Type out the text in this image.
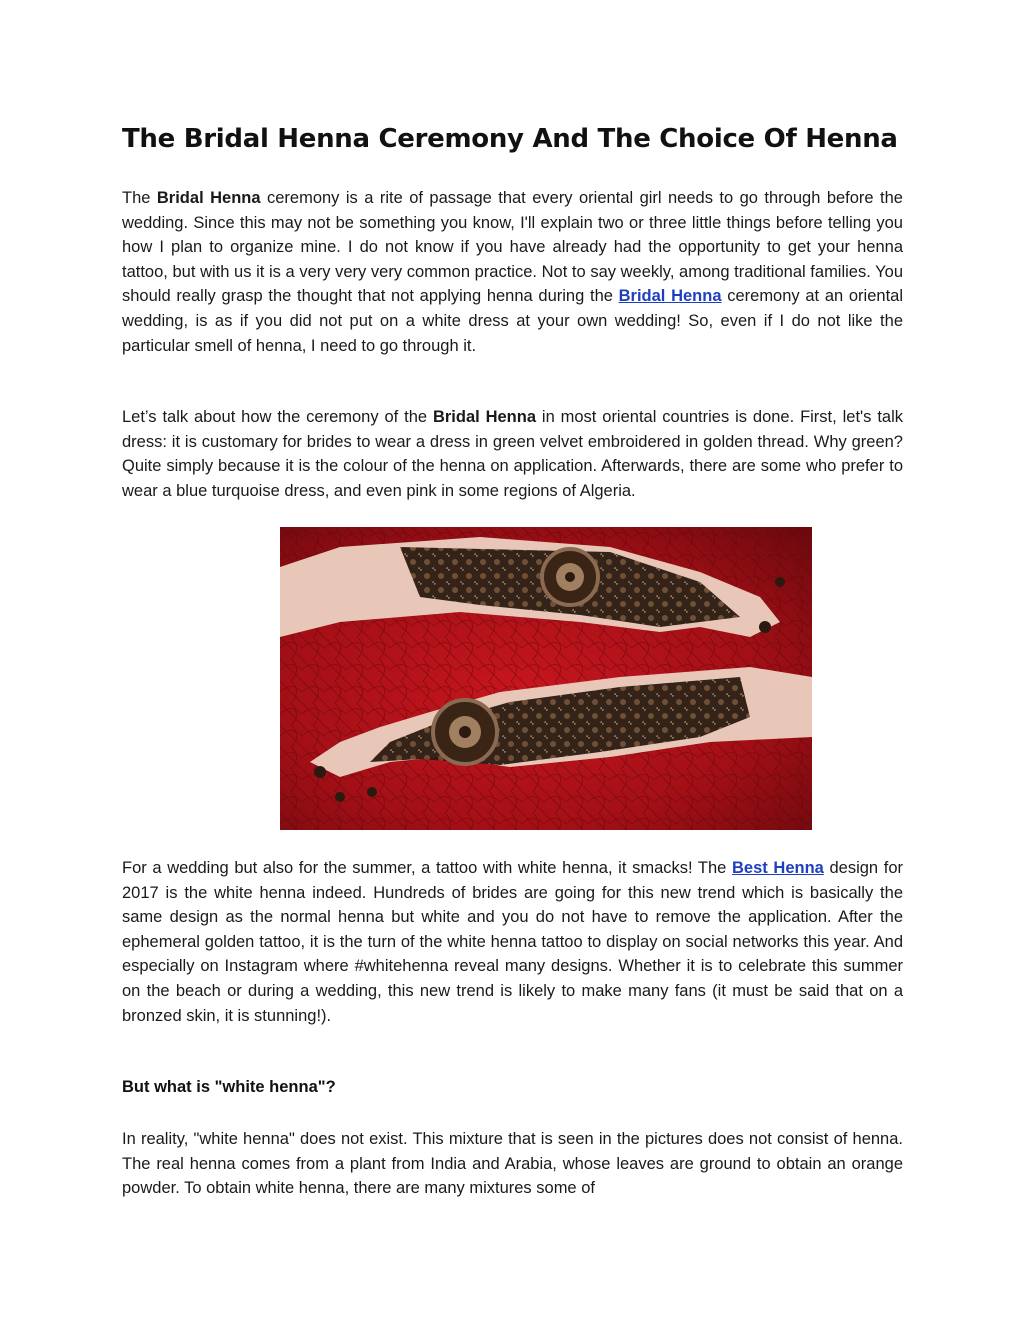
The Bridal Henna Ceremony And The Choice Of Henna

The Bridal Henna ceremony is a rite of passage that every oriental girl needs to go through before the wedding. Since this may not be something you know, I'll explain two or three little things before telling you how I plan to organize mine. I do not know if you have already had the opportunity to get your henna tattoo, but with us it is a very very very common practice. Not to say weekly, among traditional families. You should really grasp the thought that not applying henna during the Bridal Henna ceremony at an oriental wedding, is as if you did not put on a white dress at your own wedding! So, even if I do not like the particular smell of henna, I need to go through it.

Let’s talk about how the ceremony of the Bridal Henna in most oriental countries is done. First, let's talk dress: it is customary for brides to wear a dress in green velvet embroidered in golden thread. Why green? Quite simply because it is the colour of the henna on application. Afterwards, there are some who prefer to wear a blue turquoise dress, and even pink in some regions of Algeria.

For a wedding but also for the summer, a tattoo with white henna, it smacks! The Best Henna design for 2017 is the white henna indeed. Hundreds of brides are going for this new trend which is basically the same design as the normal henna but white and you do not have to remove the application. After the ephemeral golden tattoo, it is the turn of the white henna tattoo to display on social networks this year. And especially on Instagram where #whitehenna reveal many designs. Whether it is to celebrate this summer on the beach or during a wedding, this new trend is likely to make many fans (it must be said that on a bronzed skin, it is stunning!).

But what is "white henna"?

In reality, "white henna" does not exist. This mixture that is seen in the pictures does not consist of henna. The real henna comes from a plant from India and Arabia, whose leaves are ground to obtain an orange powder. To obtain white henna, there are many mixtures some of
